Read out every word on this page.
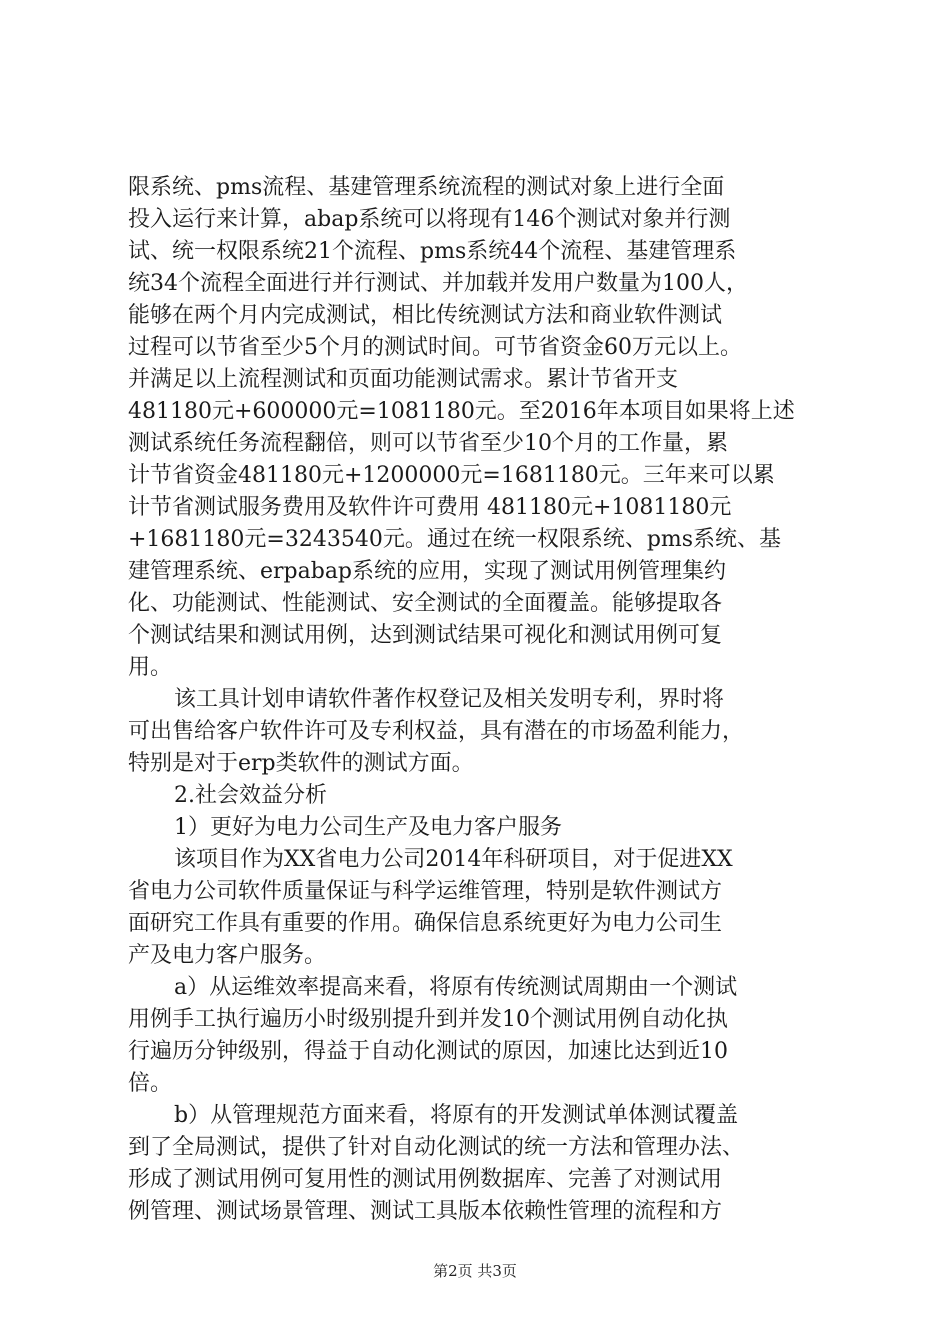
限系统、pms流程、基建管理系统流程的测试对象上进行全面
投入运行来计算，abap系统可以将现有146个测试对象并行测
试、统一权限系统21个流程、pms系统44个流程、基建管理系
统34个流程全面进行并行测试、并加载并发用户数量为100人，
能够在两个月内完成测试，相比传统测试方法和商业软件测试
过程可以节省至少5个月的测试时间。可节省资金60万元以上。
并满足以上流程测试和页面功能测试需求。累计节省开支
481180元+600000元=1081180元。至2016年本项目如果将上述
测试系统任务流程翻倍，则可以节省至少10个月的工作量，累
计节省资金481180元+1200000元=1681180元。三年来可以累
计节省测试服务费用及软件许可费用 481180元+1081180元
+1681180元=3243540元。通过在统一权限系统、pms系统、基
建管理系统、erpabap系统的应用，实现了测试用例管理集约
化、功能测试、性能测试、安全测试的全面覆盖。能够提取各
个测试结果和测试用例，达到测试结果可视化和测试用例可复
用。
该工具计划申请软件著作权登记及相关发明专利，界时将
可出售给客户软件许可及专利权益，具有潜在的市场盈利能力，
特别是对于erp类软件的测试方面。
2.社会效益分析
1）更好为电力公司生产及电力客户服务
该项目作为XX省电力公司2014年科研项目，对于促进XX
省电力公司软件质量保证与科学运维管理，特别是软件测试方
面研究工作具有重要的作用。确保信息系统更好为电力公司生
产及电力客户服务。
a）从运维效率提高来看，将原有传统测试周期由一个测试
用例手工执行遍历小时级别提升到并发10个测试用例自动化执
行遍历分钟级别，得益于自动化测试的原因，加速比达到近10
倍。
b）从管理规范方面来看，将原有的开发测试单体测试覆盖
到了全局测试，提供了针对自动化测试的统一方法和管理办法、
形成了测试用例可复用性的测试用例数据库、完善了对测试用
例管理、测试场景管理、测试工具版本依赖性管理的流程和方
第2页 共3页
